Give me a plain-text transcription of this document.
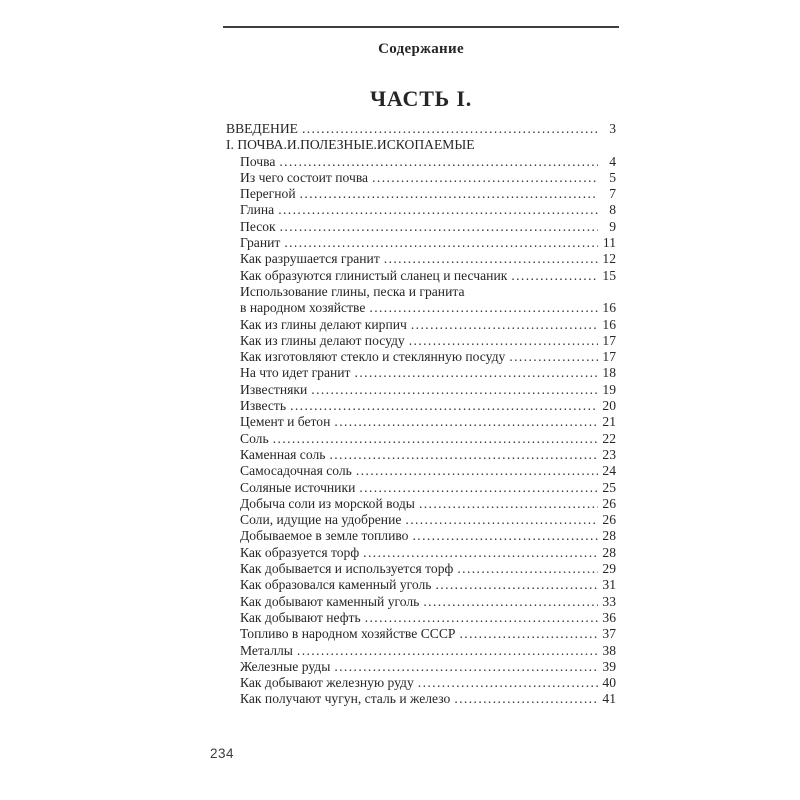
Содержание
ЧАСТЬ I.
ВВЕДЕНИЕ .....	3
I. ПОЧВА.И.ПОЛЕЗНЫЕ.ИСКОПАЕМЫЕ
Почва .....	4
Из чего состоит почва .....	5
Перегной .....	7
Глина .....	8
Песок .....	9
Гранит .....	11
Как разрушается гранит .....	12
Как образуются глинистый сланец и песчаник .....	15
Использование глины, песка и гранита
в народном хозяйстве .....	16
Как из глины делают кирпич .....	16
Как из глины делают посуду .....	17
Как изготовляют стекло и стеклянную посуду .....	17
На что идет гранит .....	18
Известняки .....	19
Известь .....	20
Цемент и бетон .....	21
Соль .....	22
Каменная соль .....	23
Самосадочная соль .....	24
Соляные источники .....	25
Добыча соли из морской воды .....	26
Соли, идущие на удобрение .....	26
Добываемое в земле топливо .....	28
Как образуется торф .....	28
Как добывается и используется торф .....	29
Как образовался каменный уголь .....	31
Как добывают каменный уголь .....	33
Как добывают нефть .....	36
Топливо в народном хозяйстве СССР .....	37
Металлы .....	38
Железные руды .....	39
Как добывают железную руду .....	40
Как получают чугун, сталь и железо .....	41
234
